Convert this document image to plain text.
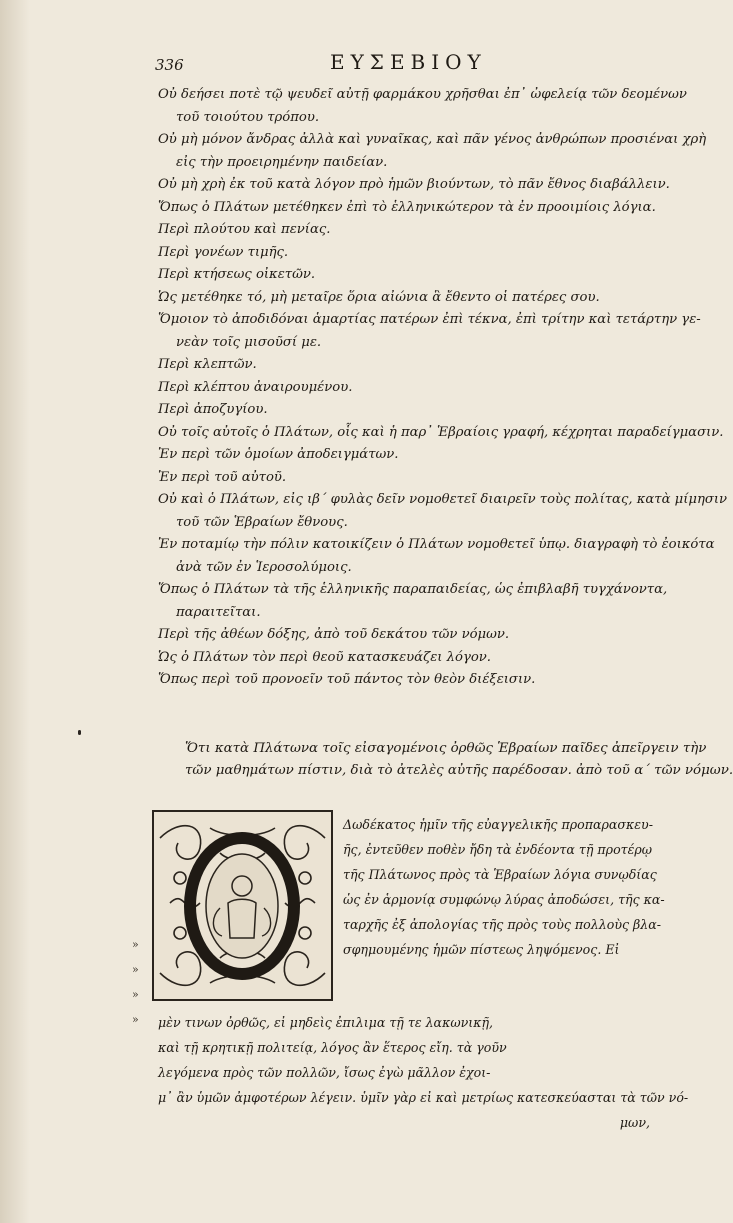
336	ΕΥΣΕΒΙΟΥ
Οὐ δεήσει ποτὲ τῷ ψευδεῖ αὐτῇ φαρμάκου χρῆσθαι ἐπ᾿ ὠφελείᾳ τῶν δεομένων
τοῦ τοιούτου τρόπου.
Οὐ μὴ μόνον ἄνδρας ἀλλὰ καὶ γυναῖκας, καὶ πᾶν γένος ἀνθρώπων προσιέναι χρὴ
εἰς τὴν προειρημένην παιδείαν.
Οὐ μὴ χρὴ ἐκ τοῦ κατὰ λόγον πρὸ ἡμῶν βιούντων, τὸ πᾶν ἔθνος διαβάλλειν.
Ὅπως ὁ Πλάτων μετέθηκεν ἐπὶ τὸ ἑλληνικώτερον τὰ ἐν προοιμίοις λόγια.
Περὶ πλούτου καὶ πενίας.
Περὶ γονέων τιμῆς.
Περὶ κτήσεως οἰκετῶν.
Ὡς μετέθηκε τό, μὴ μεταῖρε ὅρια αἰώνια ἃ ἔθεντο οἱ πατέρες σου.
Ὅμοιον τὸ ἀποδιδόναι ἁμαρτίας πατέρων ἐπὶ τέκνα, ἐπὶ τρίτην καὶ τετάρτην γε-
νεὰν τοῖς μισοῦσί με.
Περὶ κλεπτῶν.
Περὶ κλέπτου ἀναιρουμένου.
Περὶ ἀποζυγίου.
Οὐ τοῖς αὐτοῖς ὁ Πλάτων, οἷς καὶ ἡ παρ᾿ Ἑβραίοις γραφή, κέχρηται παραδείγμασιν.
Ἐν περὶ τῶν ὁμοίων ἀποδειγμάτων.
Ἐν περὶ τοῦ αὐτοῦ.
Οὐ καὶ ὁ Πλάτων, εἰς ιβ´ φυλὰς δεῖν νομοθετεῖ διαιρεῖν τοὺς πολίτας, κατὰ μίμησιν
τοῦ τῶν Ἑβραίων ἔθνους.
Ἐν ποταμίῳ τὴν πόλιν κατοικίζειν ὁ Πλάτων νομοθετεῖ ὑπῳ. διαγραφὴ τὸ ἐοικότα
ἀνὰ τῶν ἐν Ἱεροσολύμοις.
Ὅπως ὁ Πλάτων τὰ τῆς ἑλληνικῆς παραπαιδείας, ὡς ἐπιβλαβῆ τυγχάνοντα,
παραιτεῖται.
Περὶ τῆς ἀθέων δόξης, ἀπὸ τοῦ δεκάτου τῶν νόμων.
Ὡς ὁ Πλάτων τὸν περὶ θεοῦ κατασκευάζει λόγον.
Ὅπως περὶ τοῦ προνοεῖν τοῦ πάντος τὸν θεὸν διέξεισιν.
Ὅτι κατὰ Πλάτωνα τοῖς εἰσαγομένοις ὀρθῶς Ἑβραίων παῖδες ἀπεῖργειν τὴν
τῶν μαθημάτων πίστιν, διὰ τὸ ἀτελὲς αὐτῆς παρέδοσαν. ἀπὸ τοῦ α´ τῶν νόμων.
Δωδέκατος ἡμῖν τῆς εὐαγγελικῆς προπαρασκευ-
ῆς, ἐντεῦθεν ποθὲν ἤδη τὰ ἐνδέοντα τῇ προτέρῳ
τῆς Πλάτωνος πρὸς τὰ Ἑβραίων λόγια συνῳδίας
ὡς ἐν ἁρμονίᾳ συμφώνῳ λύρας ἀποδώσει, τῆς κα-
ταρχῆς ἐξ ἀπολογίας τῆς πρὸς τοὺς πολλοὺς βλα-
σφημουμένης ἡμῶν πίστεως ληψόμενος. Εἰ
»
»
»
»	μὲν τινων ὀρθῶς, εἰ μηδεὶς ἐπιλιμα τῇ τε λακωνικῇ,
καὶ τῇ κρητικῇ πολιτείᾳ, λόγος ἂν ἕτερος εἴη. τὰ γοῦν
λεγόμενα πρὸς τῶν πολλῶν, ἴσως ἐγὼ μᾶλλον ἐχοι-
μ᾿ ἂν ὑμῶν ἀμφοτέρων λέγειν. ὑμῖν γὰρ εἰ καὶ μετρίως κατεσκεύασται τὰ τῶν νό-
μων,
